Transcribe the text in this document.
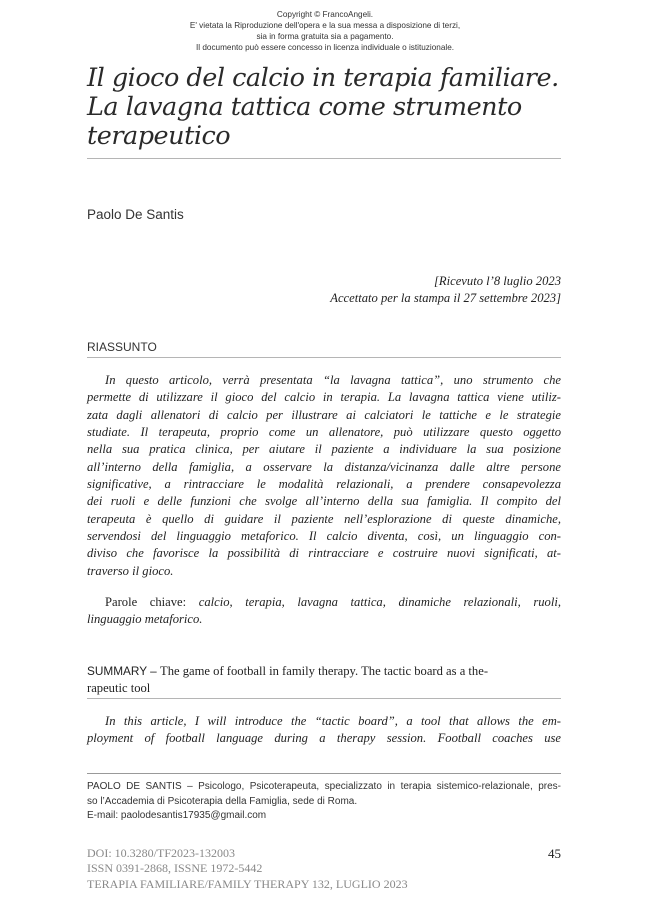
Copyright © FrancoAngeli.
E' vietata la Riproduzione dell'opera e la sua messa a disposizione di terzi,
sia in forma gratuita sia a pagamento.
Il documento può essere concesso in licenza individuale o istituzionale.
Il gioco del calcio in terapia familiare.
La lavagna tattica come strumento
terapeutico
Paolo De Santis
[Ricevuto l’8 luglio 2023
Accettato per la stampa il 27 settembre 2023]
RIASSUNTO
In questo articolo, verrà presentata “la lavagna tattica”, uno strumento che
permette di utilizzare il gioco del calcio in terapia. La lavagna tattica viene utiliz-
zata dagli allenatori di calcio per illustrare ai calciatori le tattiche e le strategie
studiate. Il terapeuta, proprio come un allenatore, può utilizzare questo oggetto
nella sua pratica clinica, per aiutare il paziente a individuare la sua posizione
all’interno della famiglia, a osservare la distanza/vicinanza dalle altre persone
significative, a rintracciare le modalità relazionali, a prendere consapevolezza
dei ruoli e delle funzioni che svolge all’interno della sua famiglia. Il compito del
terapeuta è quello di guidare il paziente nell’esplorazione di queste dinamiche,
servendosi del linguaggio metaforico. Il calcio diventa, così, un linguaggio con-
diviso che favorisce la possibilità di rintracciare e costruire nuovi significati, at-
traverso il gioco.
Parole chiave: calcio, terapia, lavagna tattica, dinamiche relazionali, ruoli,
linguaggio metaforico.
SUMMARY – The game of football in family therapy. The tactic board as a the-
rapeutic tool
In this article, I will introduce the “tactic board”, a tool that allows the em-
ployment of football language during a therapy session. Football coaches use
PAOLO DE SANTIS – Psicologo, Psicoterapeuta, specializzato in terapia sistemico-relazionale, pres-
so l’Accademia di Psicoterapia della Famiglia, sede di Roma.
E-mail: paolodesantis17935@gmail.com
DOI: 10.3280/TF2023-132003
ISSN 0391-2868, ISSNE 1972-5442
TERAPIA FAMILIARE/FAMILY THERAPY 132, LUGLIO 2023
45
